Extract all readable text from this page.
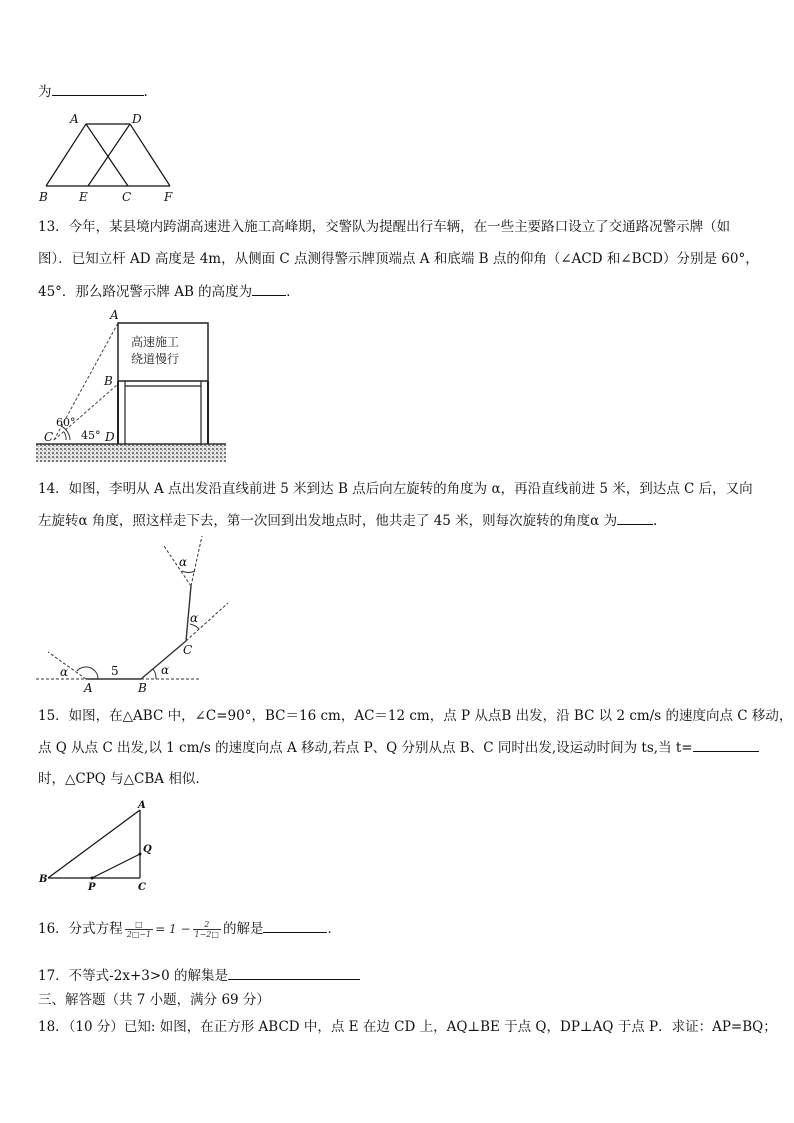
为	.
A	D
B	E	C	F
13．今年，某县境内跨湖高速进入施工高峰期，交警队为提醒出行车辆，在一些主要路口设立了交通路况警示牌（如
图）．已知立杆 AD 高度是 4m，从侧面 C 点测得警示牌顶端点 A 和底端 B 点的仰角（∠ACD 和∠BCD）分别是 60°，
45°．那么路况警示牌 AB 的高度为	．
高速施工
绕道慢行
A
B
C	D
60°
45°
14．如图，李明从 A 点出发沿直线前进 5 米到达 B 点后向左旋转的角度为 α，再沿直线前进 5 米，到达点 C 后，又向
左旋转α 角度，照这样走下去，第一次回到出发地点时，他共走了 45 米，则每次旋转的角度α 为	．
A	B
C
5
α	α
α
α
15．如图，在△ABC 中，∠C=90°，BC＝16 cm，AC＝12 cm，点 P 从点B 出发，沿 BC 以 2 cm/s 的速度向点 C 移动，
点 Q 从点 C 出发,以 1 cm/s 的速度向点 A 移动,若点 P、Q 分别从点 B、C 同时出发,设运动时间为 ts,当 t=
时，△CPQ 与△CBA 相似．
A
Q
B
P	C
16．分式方程 $\frac{□}{2□-1} = 1 - \frac{2}{1-2□}$ 的解是	．
17．不等式-2x+3>0 的解集是
三、解答题（共 7 小题，满分 69 分）
18．（10 分）已知: 如图，在正方形 ABCD 中，点 E 在边 CD 上，AQ⊥BE 于点 Q，DP⊥AQ 于点 P．求证：AP=BQ；
